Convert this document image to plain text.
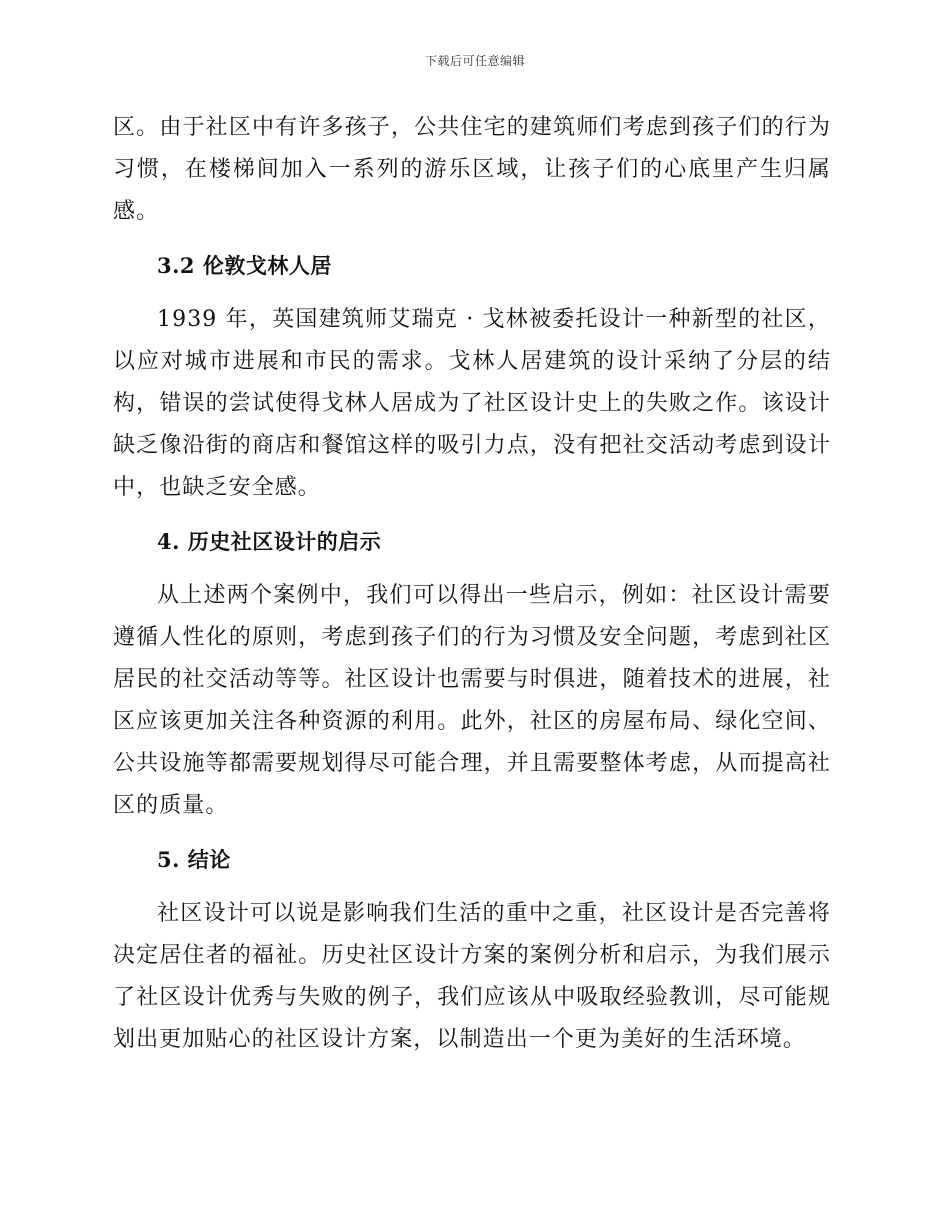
下载后可任意编辑

区。由于社区中有许多孩子，公共住宅的建筑师们考虑到孩子们的行为习惯，在楼梯间加入一系列的游乐区域，让孩子们的心底里产生归属感。

3.2 伦敦戈林人居

1939 年，英国建筑师艾瑞克 · 戈林被委托设计一种新型的社区，以应对城市进展和市民的需求。戈林人居建筑的设计采纳了分层的结构，错误的尝试使得戈林人居成为了社区设计史上的失败之作。该设计缺乏像沿街的商店和餐馆这样的吸引力点，没有把社交活动考虑到设计中，也缺乏安全感。

4. 历史社区设计的启示

从上述两个案例中，我们可以得出一些启示，例如：社区设计需要遵循人性化的原则，考虑到孩子们的行为习惯及安全问题，考虑到社区居民的社交活动等等。社区设计也需要与时俱进，随着技术的进展，社区应该更加关注各种资源的利用。此外，社区的房屋布局、绿化空间、公共设施等都需要规划得尽可能合理，并且需要整体考虑，从而提高社区的质量。

5. 结论

社区设计可以说是影响我们生活的重中之重，社区设计是否完善将决定居住者的福祉。历史社区设计方案的案例分析和启示，为我们展示了社区设计优秀与失败的例子，我们应该从中吸取经验教训，尽可能规划出更加贴心的社区设计方案，以制造出一个更为美好的生活环境。
